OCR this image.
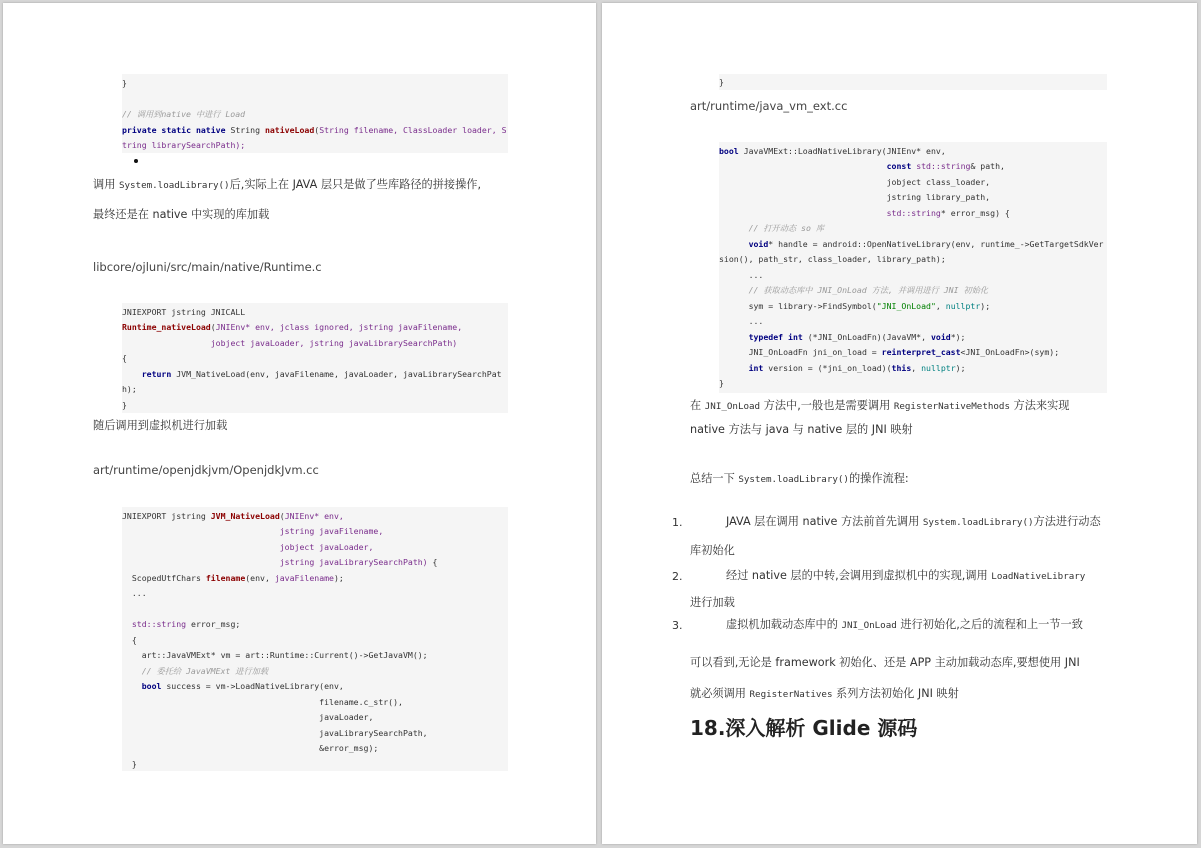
}
// 调用到native 中进行 Load
private static native String nativeLoad(String filename, ClassLoader loader, S
tring librarySearchPath);
调用 System.loadLibrary()后,实际上在 JAVA 层只是做了些库路径的拼接操作,
最终还是在 native 中实现的库加载
libcore/ojluni/src/main/native/Runtime.c
JNIEXPORT jstring JNICALL
Runtime_nativeLoad(JNIEnv* env, jclass ignored, jstring javaFilename,
jobject javaLoader, jstring javaLibrarySearchPath)
{
return JVM_NativeLoad(env, javaFilename, javaLoader, javaLibrarySearchPat
h);
}
随后调用到虚拟机进行加载
art/runtime/openjdkjvm/OpenjdkJvm.cc
JNIEXPORT jstring JVM_NativeLoad(JNIEnv* env,
jstring javaFilename,
jobject javaLoader,
jstring javaLibrarySearchPath) {
ScopedUtfChars filename(env, javaFilename);
...
std::string error_msg;
{
art::JavaVMExt* vm = art::Runtime::Current()->GetJavaVM();
// 委托给 JavaVMExt 进行加载
bool success = vm->LoadNativeLibrary(env,
filename.c_str(),
javaLoader,
javaLibrarySearchPath,
&error_msg);
}
}
art/runtime/java_vm_ext.cc
bool JavaVMExt::LoadNativeLibrary(JNIEnv* env,
const std::string& path,
jobject class_loader,
jstring library_path,
std::string* error_msg) {
// 打开动态 so 库
void* handle = android::OpenNativeLibrary(env, runtime_->GetTargetSdkVer
sion(), path_str, class_loader, library_path);
...
// 获取动态库中 JNI_OnLoad 方法, 并调用进行 JNI 初始化
sym = library->FindSymbol("JNI_OnLoad", nullptr);
...
typedef int (*JNI_OnLoadFn)(JavaVM*, void*);
JNI_OnLoadFn jni_on_load = reinterpret_cast<JNI_OnLoadFn>(sym);
int version = (*jni_on_load)(this, nullptr);
}
在 JNI_OnLoad 方法中,一般也是需要调用 RegisterNativeMethods 方法来实现
native 方法与 java 与 native 层的 JNI 映射
总结一下 System.loadLibrary()的操作流程:
1.	JAVA 层在调用 native 方法前首先调用 System.loadLibrary()方法进行动态
库初始化
2.	经过 native 层的中转,会调用到虚拟机中的实现,调用 LoadNativeLibrary
进行加载
3.	虚拟机加载动态库中的 JNI_OnLoad 进行初始化,之后的流程和上一节一致
可以看到,无论是 framework 初始化、还是 APP 主动加载动态库,要想使用 JNI
就必须调用 RegisterNatives 系列方法初始化 JNI 映射
18.深入解析 Glide 源码
